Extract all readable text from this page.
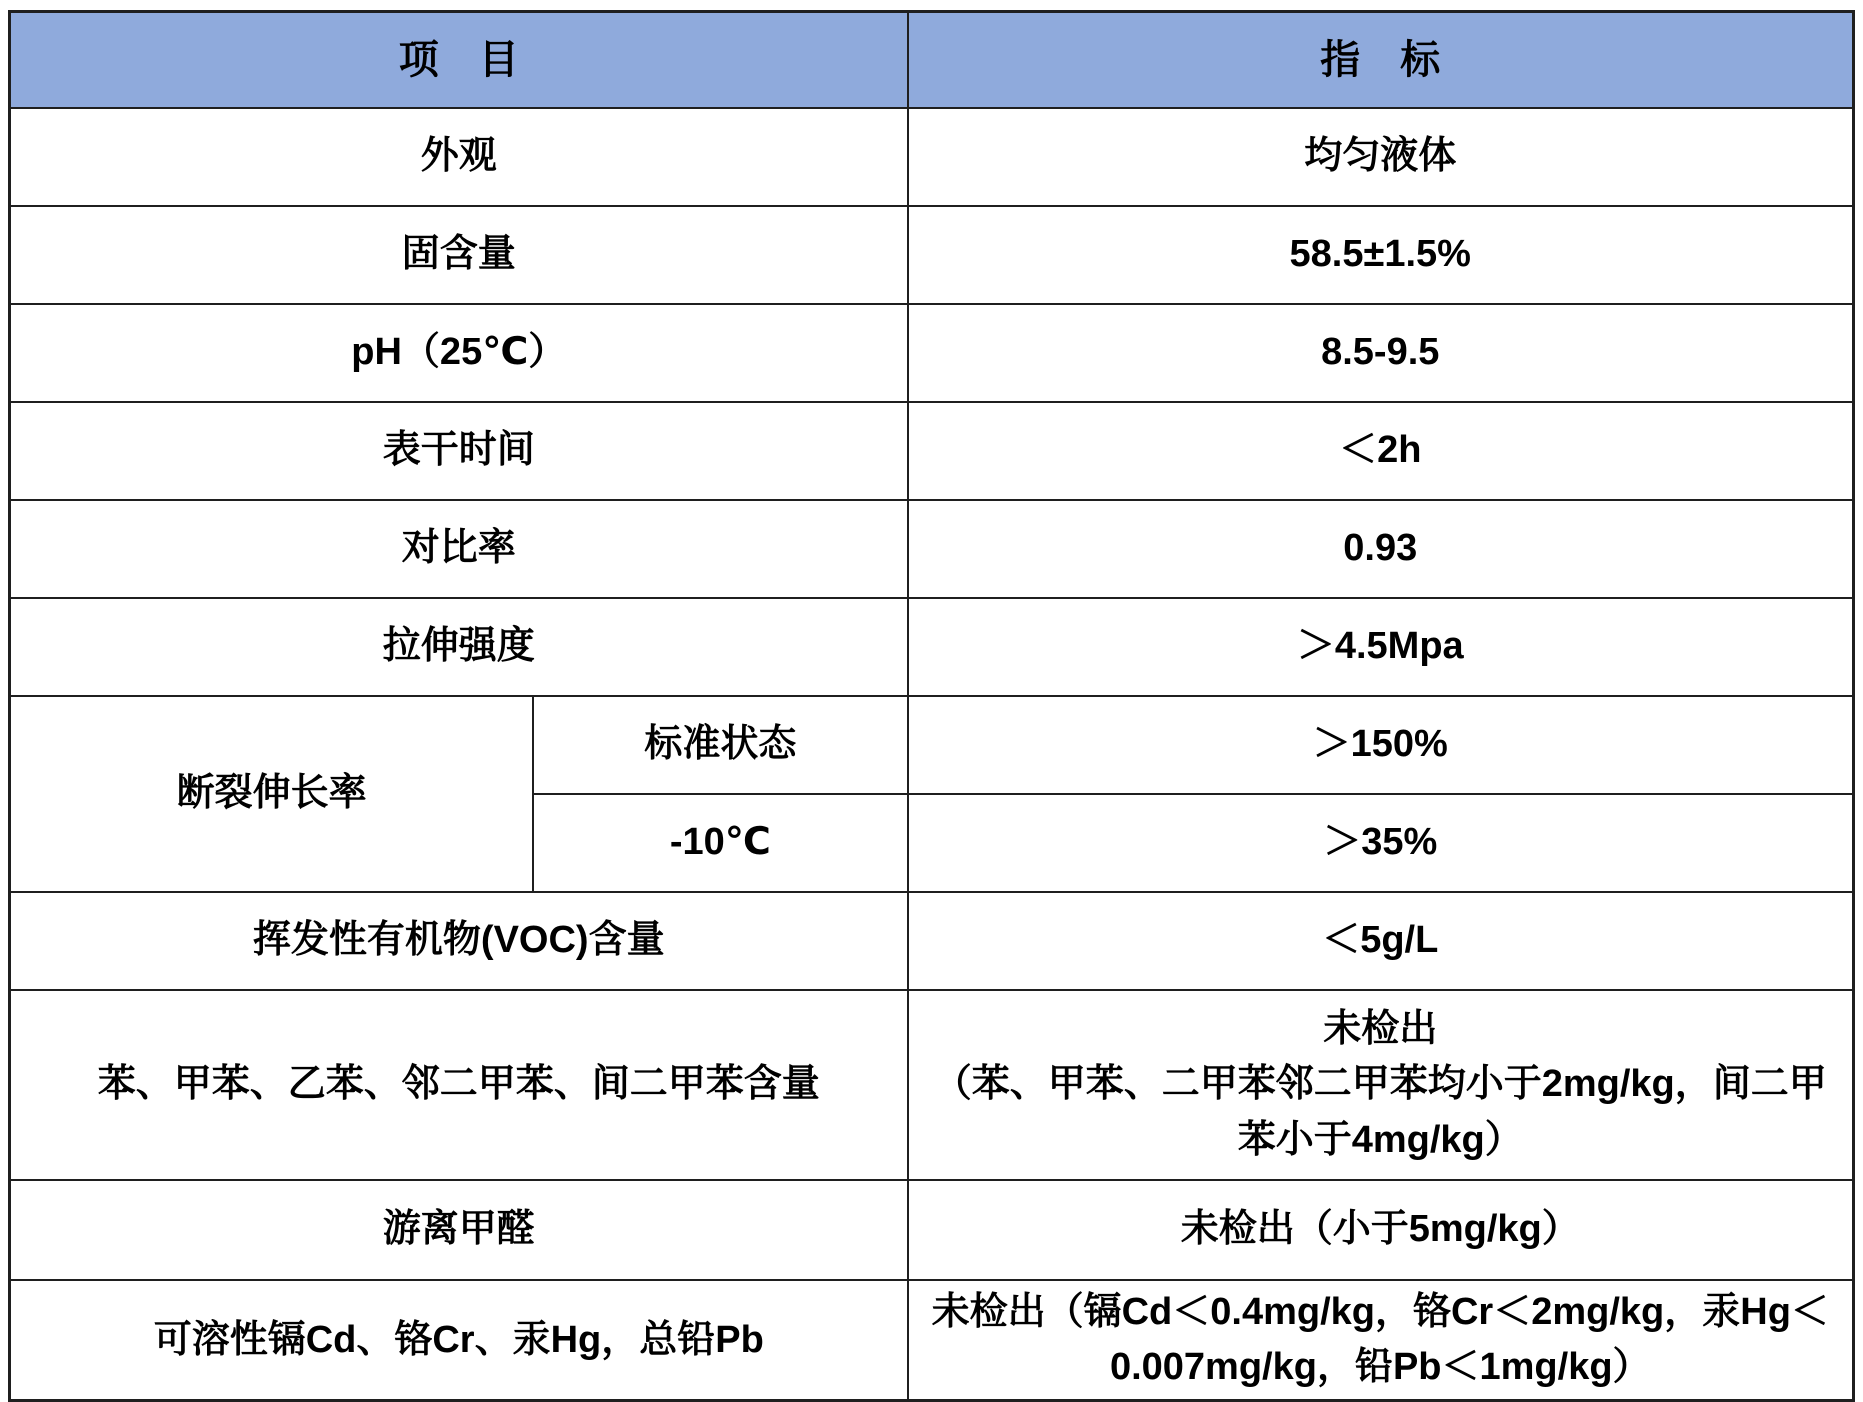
项　目		指　标
外观		均匀液体
固含量		58.5±1.5%
pH（25℃）		8.5-9.5
表干时间		＜2h
对比率		0.93
拉伸强度		＞4.5Mpa
断裂伸长率	标准状态	＞150%
	-10℃	＞35%
挥发性有机物(VOC)含量		＜5g/L
苯、甲苯、乙苯、邻二甲苯、间二甲苯含量		未检出
（苯、甲苯、二甲苯邻二甲苯均小于2mg/kg，间二甲苯小于4mg/kg）

游离甲醛		未检出（小于5mg/kg）
可溶性镉Cd、铬Cr、汞Hg，总铅Pb		未检出（镉Cd＜0.4mg/kg，铬Cr＜2mg/kg，汞Hg＜0.007mg/kg，铅Pb＜1mg/kg）
